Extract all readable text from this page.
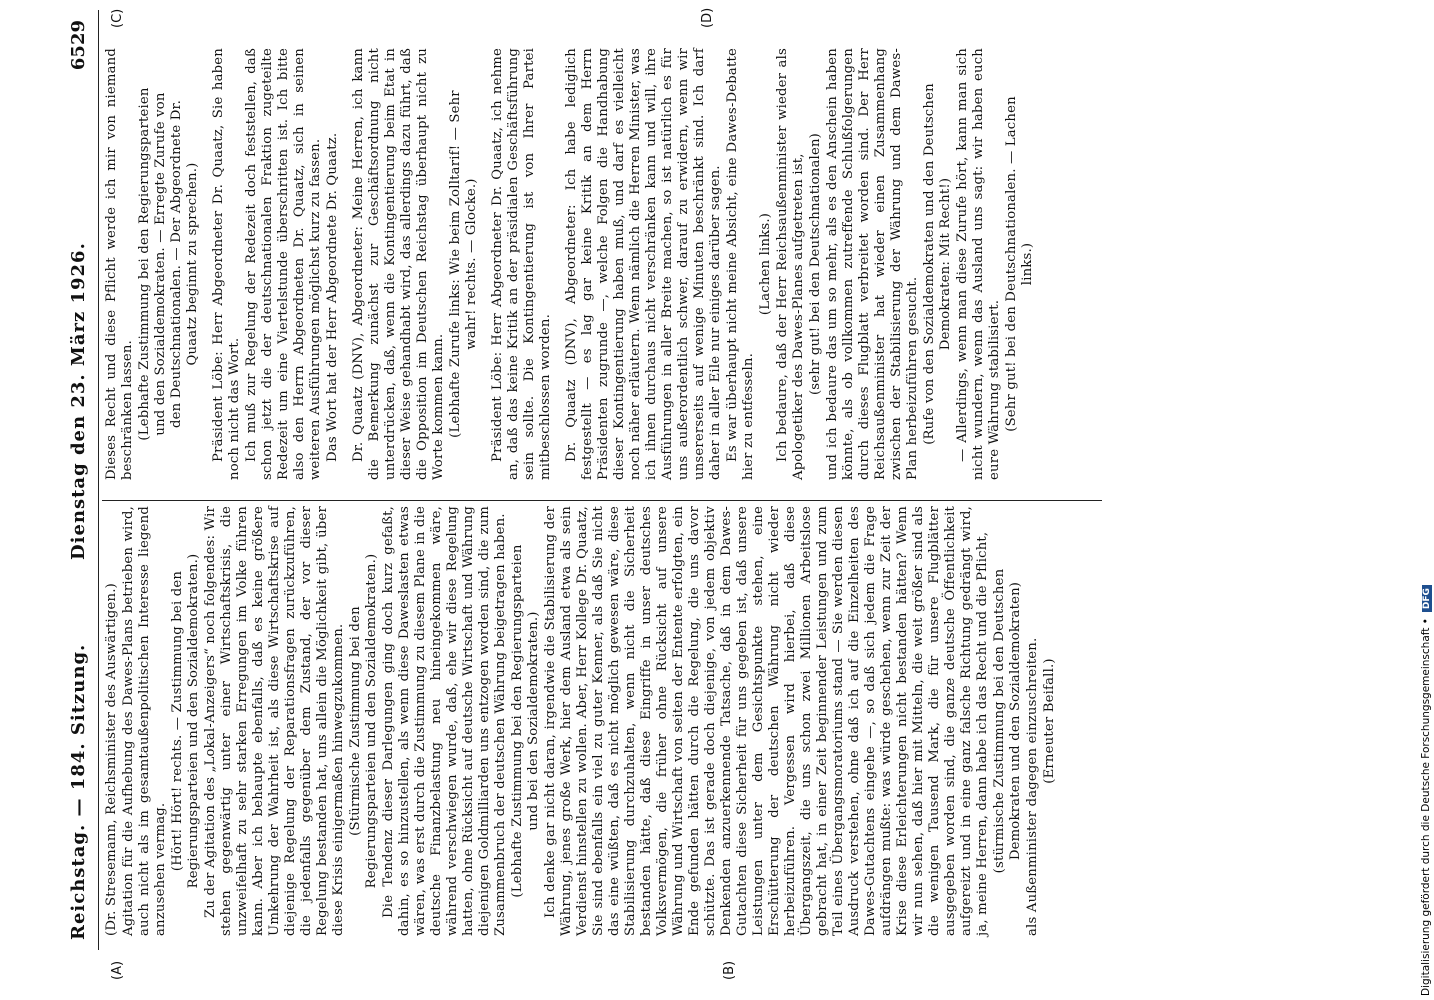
Reichstag. — 184. Sitzung.
Dienstag den 23. März 1926.
6529
(A)	(B)
(C)	(D)

(Dr. Stresemann, Reichsminister des Auswärtigen.) Agitation für die Aufhebung des Dawes-Plans betrieben wird, auch nicht als im gesamtaußenpolitischen Interesse liegend anzusehen vermag. (Hört! Hört! rechts. — Zustimmung bei den Regierungsparteien und den Sozialdemokraten.) Zu der Agitation des „Lokal-Anzeigers“ noch folgendes: Wir stehen gegenwärtig unter einer Wirtschaftskrisis, die unzweifelhaft zu sehr starken Erregungen im Volke führen kann. Aber ich behaupte ebenfalls, daß es keine größere Umkehrung der Wahrheit ist, als diese Wirtschaftskrise auf diejenige Regelung der Reparationsfragen zurückzuführen, die jedenfalls gegenüber dem Zustand, der vor dieser Regelung bestanden hat, uns allein die Möglichkeit gibt, über diese Krisis einigermaßen hinwegzukommen. (Stürmische Zustimmung bei den Regierungsparteien und den Sozialdemokraten.) Die Tendenz dieser Darlegungen ging doch kurz gefaßt, dahin, es so hinzustellen, als wenn diese Daweslasten etwas wären, was erst durch die Zustimmung zu diesem Plane in die deutsche Finanzbelastung neu hineingekommen wäre, während verschwiegen wurde, daß, ehe wir diese Regelung hatten, ohne Rücksicht auf deutsche Wirtschaft und Währung diejenigen Goldmilliarden uns entzogen worden sind, die zum Zusammenbruch der deutschen Währung beigetragen haben. (Lebhafte Zustimmung bei den Regierungsparteien und bei den Sozialdemokraten.) Ich denke gar nicht daran, irgendwie die Stabilisierung der Währung, jenes große Werk, hier dem Ausland etwa als sein Verdienst hinstellen zu wollen. Aber, Herr Kollege Dr. Quaatz, Sie sind ebenfalls ein viel zu guter Kenner, als daß Sie nicht das eine wüßten, daß es nicht möglich gewesen wäre, diese Stabilisierung durchzuhalten, wenn nicht die Sicherheit bestanden hätte, daß diese Eingriffe in unser deutsches Volksvermögen, die früher ohne Rücksicht auf unsere Währung und Wirtschaft von seiten der Entente erfolgten, ein Ende gefunden hätten durch die Regelung, die uns davor schützte. Das ist gerade doch diejenige, von jedem objektiv Denkenden anzuerkennende Tatsache, daß in dem Dawes-Gutachten diese Sicherheit für uns gegeben ist, daß unsere Leistungen unter dem Gesichtspunkte stehen, eine Erschütterung der deutschen Währung nicht wieder herbeizuführen. Vergessen wird hierbei, daß diese Übergangszeit, die uns schon zwei Millionen Arbeitslose gebracht hat, in einer Zeit beginnender Leistungen und zum Teil eines Übergangsmoratoriums stand — Sie werden diesen Ausdruck verstehen, ohne daß ich auf die Einzelheiten des Dawes-Gutachtens eingehe —, so daß sich jedem die Frage aufdrängen mußte: was würde geschehen, wenn zur Zeit der Krise diese Erleichterungen nicht bestanden hätten? Wenn wir nun sehen, daß hier mit Mitteln, die weit größer sind als die wenigen Tausend Mark, die für unsere Flugblätter ausgegeben worden sind, die ganze deutsche Öffentlichkeit aufgereizt und in eine ganz falsche Richtung gedrängt wird, ja, meine Herren, dann habe ich das Recht und die Pflicht, (stürmische Zustimmung bei den Deutschen Demokraten und den Sozialdemokraten) als Außenminister dagegen einzuschreiten. (Erneuter Beifall.)

Dieses Recht und diese Pflicht werde ich mir von niemand beschränken lassen. (Lebhafte Zustimmung bei den Regierungsparteien und den Sozialdemokraten. — Erregte Zurufe von den Deutschnationalen. — Der Abgeordnete Dr. Quaatz beginnt zu sprechen.) Präsident Löbe: Herr Abgeordneter Dr. Quaatz, Sie haben noch nicht das Wort. Ich muß zur Regelung der Redezeit doch feststellen, daß schon jetzt die der deutschnationalen Fraktion zugeteilte Redezeit um eine Viertelstunde überschritten ist. Ich bitte also den Herrn Abgeordneten Dr. Quaatz, sich in seinen weiteren Ausführungen möglichst kurz zu fassen. Das Wort hat der Herr Abgeordnete Dr. Quaatz. Dr. Quaatz (DNV), Abgeordneter: Meine Herren, ich kann die Bemerkung zunächst zur Geschäftsordnung nicht unterdrücken, daß, wenn die Kontingentierung beim Etat in dieser Weise gehandhabt wird, das allerdings dazu führt, daß die Opposition im Deutschen Reichstag überhaupt nicht zu Worte kommen kann. (Lebhafte Zurufe links: Wie beim Zolltarif! — Sehr wahr! rechts. — Glocke.) Präsident Löbe: Herr Abgeordneter Dr. Quaatz, ich nehme an, daß das keine Kritik an der präsidialen Geschäftsführung sein sollte. Die Kontingentierung ist von Ihrer Partei mitbeschlossen worden. Dr. Quaatz (DNV), Abgeordneter: Ich habe lediglich festgestellt — es lag gar keine Kritik an dem Herrn Präsidenten zugrunde —, welche Folgen die Handhabung dieser Kontingentierung haben muß, und darf es vielleicht noch näher erläutern. Wenn nämlich die Herren Minister, was ich ihnen durchaus nicht verschränken kann und will, ihre Ausführungen in aller Breite machen, so ist natürlich es für uns außerordentlich schwer, darauf zu erwidern, wenn wir unsererseits auf wenige Minuten beschränkt sind. Ich darf daher in aller Eile nur einiges darüber sagen. Es war überhaupt nicht meine Absicht, eine Dawes-Debatte hier zu entfesseln.

(Lachen links.) Ich bedaure, daß der Herr Reichsaußenminister wieder als Apologetiker des Dawes-Planes aufgetreten ist, (sehr gut! bei den Deutschnationalen) und ich bedaure das um so mehr, als es den Anschein haben könnte, als ob vollkommen zutreffende Schlußfolgerungen durch dieses Flugblatt verbreitet worden sind. Der Herr Reichsaußenminister hat wieder einen Zusammenhang zwischen der Stabilisierung der Währung und dem Dawes-Plan herbeizuführen gesucht. (Rufe von den Sozialdemokraten und den Deutschen Demokraten: Mit Recht!) — Allerdings, wenn man diese Zurufe hört, kann man sich nicht wundern, wenn das Ausland uns sagt: wir haben euch eure Währung stabilisiert. (Sehr gut! bei den Deutschnationalen. — Lachen links.)

Digitalisierung gefördert durch die Deutsche Forschungsgemeinschaft •DFG
